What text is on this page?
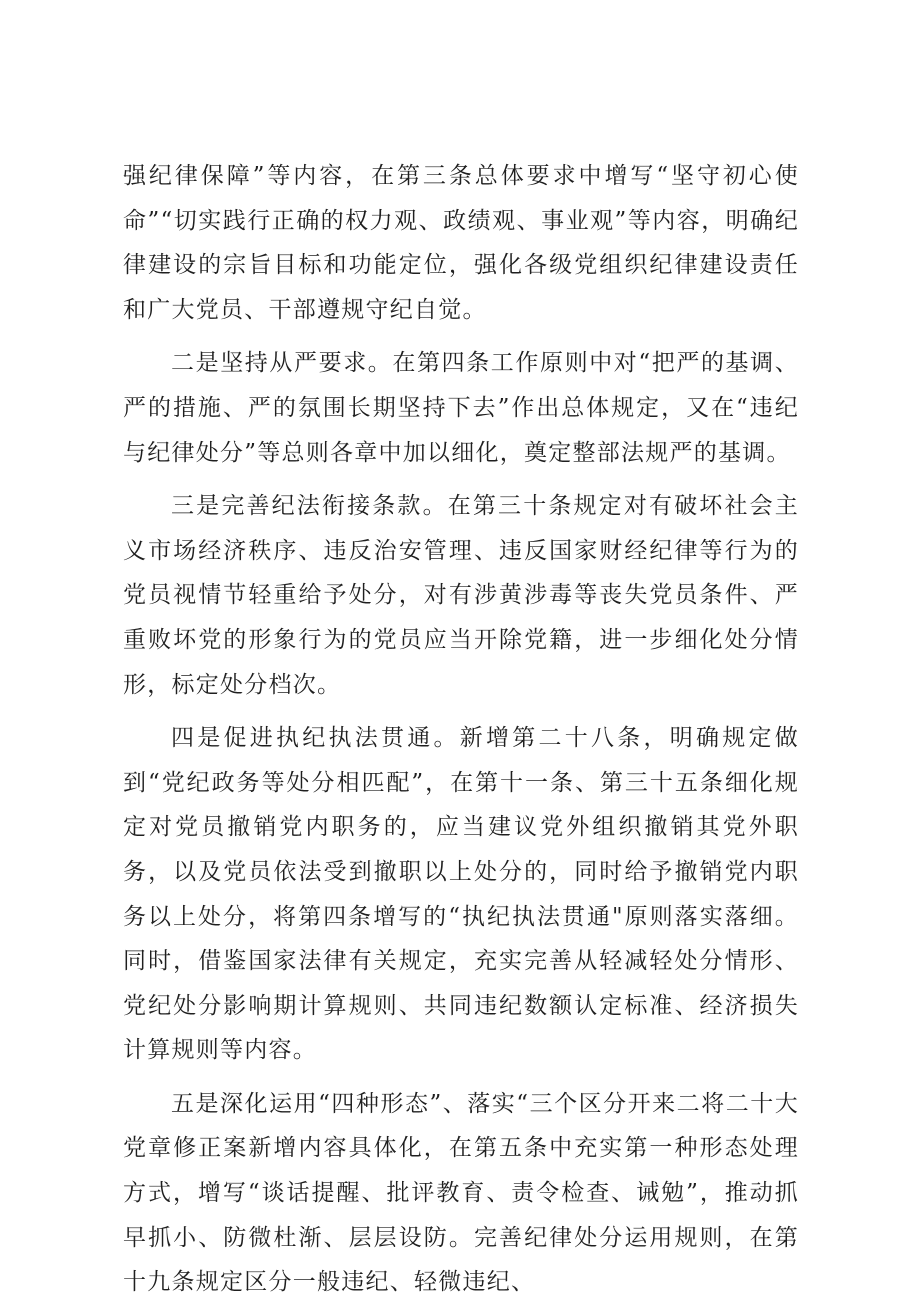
强纪律保障”等内容，在第三条总体要求中增写“坚守初心使命”“切实践行正确的权力观、政绩观、事业观”等内容，明确纪律建设的宗旨目标和功能定位，强化各级党组织纪律建设责任和广大党员、干部遵规守纪自觉。

二是坚持从严要求。在第四条工作原则中对“把严的基调、严的措施、严的氛围长期坚持下去”作出总体规定，又在“违纪与纪律处分”等总则各章中加以细化，奠定整部法规严的基调。

三是完善纪法衔接条款。在第三十条规定对有破坏社会主义市场经济秩序、违反治安管理、违反国家财经纪律等行为的党员视情节轻重给予处分，对有涉黄涉毒等丧失党员条件、严重败坏党的形象行为的党员应当开除党籍，进一步细化处分情形，标定处分档次。

四是促进执纪执法贯通。新增第二十八条，明确规定做到“党纪政务等处分相匹配”，在第十一条、第三十五条细化规定对党员撤销党内职务的，应当建议党外组织撤销其党外职务，以及党员依法受到撤职以上处分的，同时给予撤销党内职务以上处分，将第四条增写的“执纪执法贯通"原则落实落细。同时，借鉴国家法律有关规定，充实完善从轻减轻处分情形、党纪处分影响期计算规则、共同违纪数额认定标准、经济损失计算规则等内容。

五是深化运用“四种形态”、落实“三个区分开来二将二十大党章修正案新增内容具体化，在第五条中充实第一种形态处理方式，增写“谈话提醒、批评教育、责令检查、诫勉”，推动抓早抓小、防微杜渐、层层设防。完善纪律处分运用规则，在第十九条规定区分一般违纪、轻微违纪、
